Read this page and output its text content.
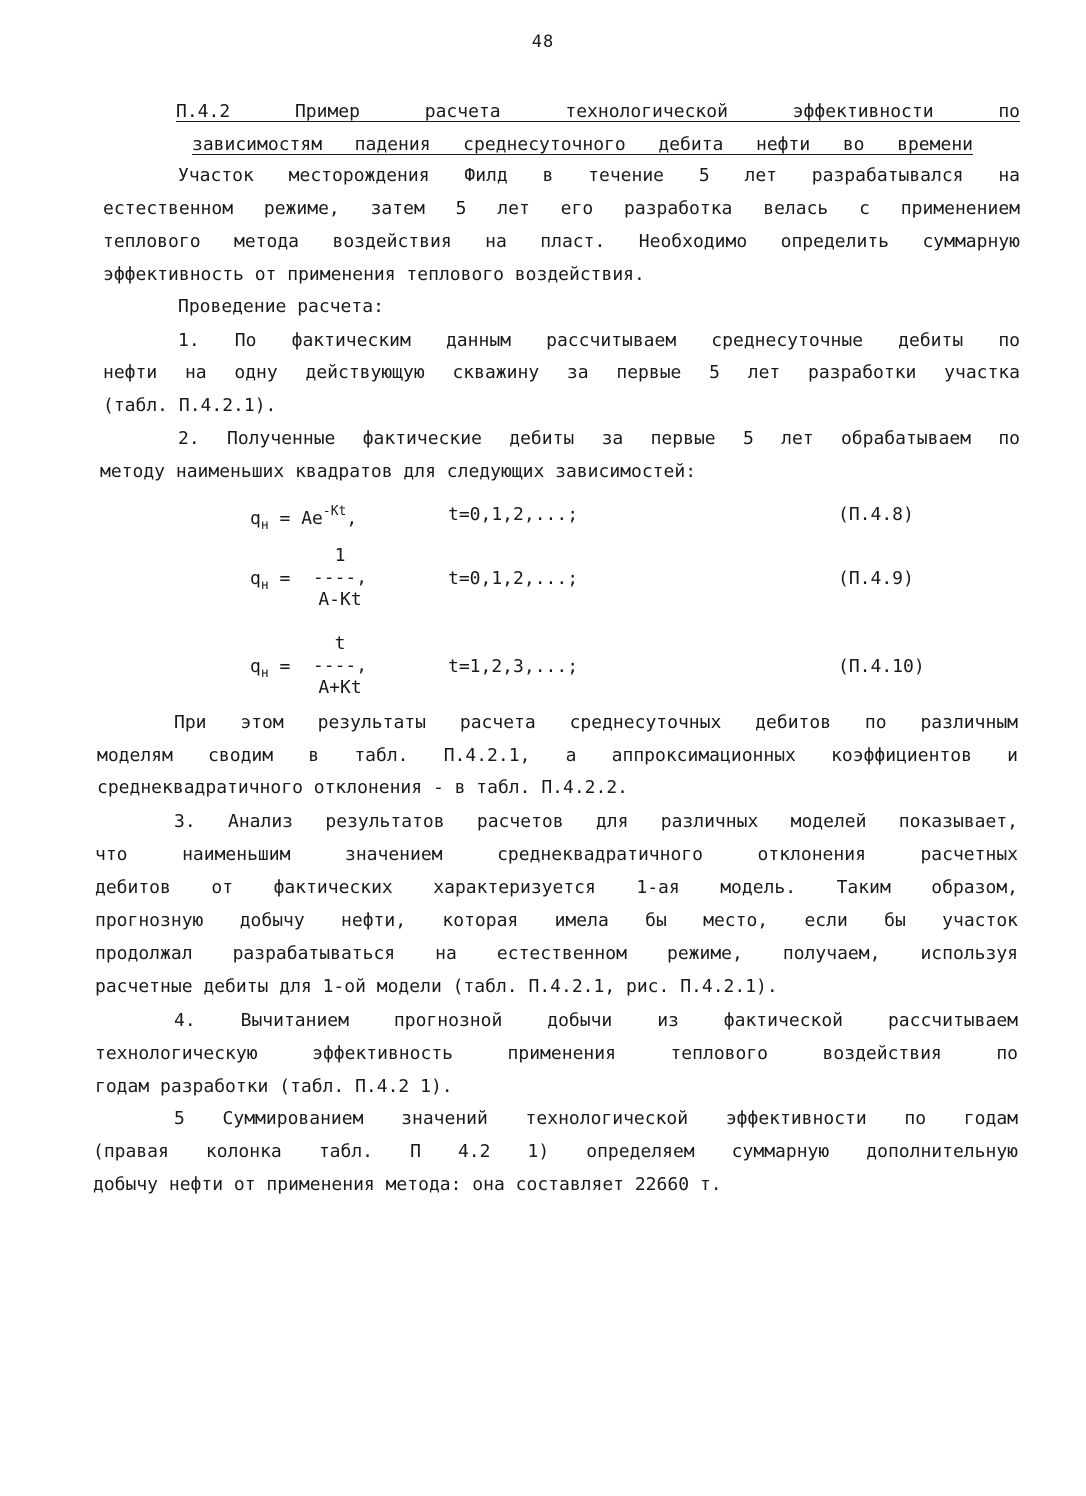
48
П.4.2 Пример расчета технологической эффективности по
зависимостям падения среднесуточного дебита нефти во времени
Участок месторождения Филд в течение 5 лет разрабатывался на
естественном режиме, затем 5 лет его разработка велась с применением
теплового метода воздействия на пласт. Необходимо определить суммарную
эффективность от применения теплового воздействия.
Проведение расчета:
1. По фактическим данным рассчитываем среднесуточные дебиты по
нефти на одну действующую скважину за первые 5 лет разработки участка
(табл. П.4.2.1).
2. Полученные фактические дебиты за первые 5 лет обрабатываем по
методу наименьших квадратов для следующих зависимостей:
$q_н = Ae^{-Kt}$,	t=0,1,2,...;	(П.4.8)
$q_н$ =
1
----,
A-Kt
t=0,1,2,...;	(П.4.9)
$q_н$ =
t
----,
A+Kt
t=1,2,3,...;	(П.4.10)
При этом результаты расчета среднесуточных дебитов по различным
моделям сводим в табл. П.4.2.1, а аппроксимационных коэффициентов и
среднеквадратичного отклонения - в табл. П.4.2.2.
3. Анализ результатов расчетов для различных моделей показывает,
что наименьшим значением среднеквадратичного отклонения расчетных
дебитов от фактических характеризуется 1-ая модель. Таким образом,
прогнозную добычу нефти, которая имела бы место, если бы участок
продолжал разрабатываться на естественном режиме, получаем, используя
расчетные дебиты для 1-ой модели (табл. П.4.2.1, рис. П.4.2.1).
4. Вычитанием прогнозной добычи из фактической рассчитываем
технологическую эффективность применения теплового воздействия по
годам разработки (табл. П.4.2 1).
5 Суммированием значений технологической эффективности по годам
(правая колонка табл. П 4.2 1) определяем суммарную дополнительную
добычу нефти от применения метода: она составляет 22660 т.
